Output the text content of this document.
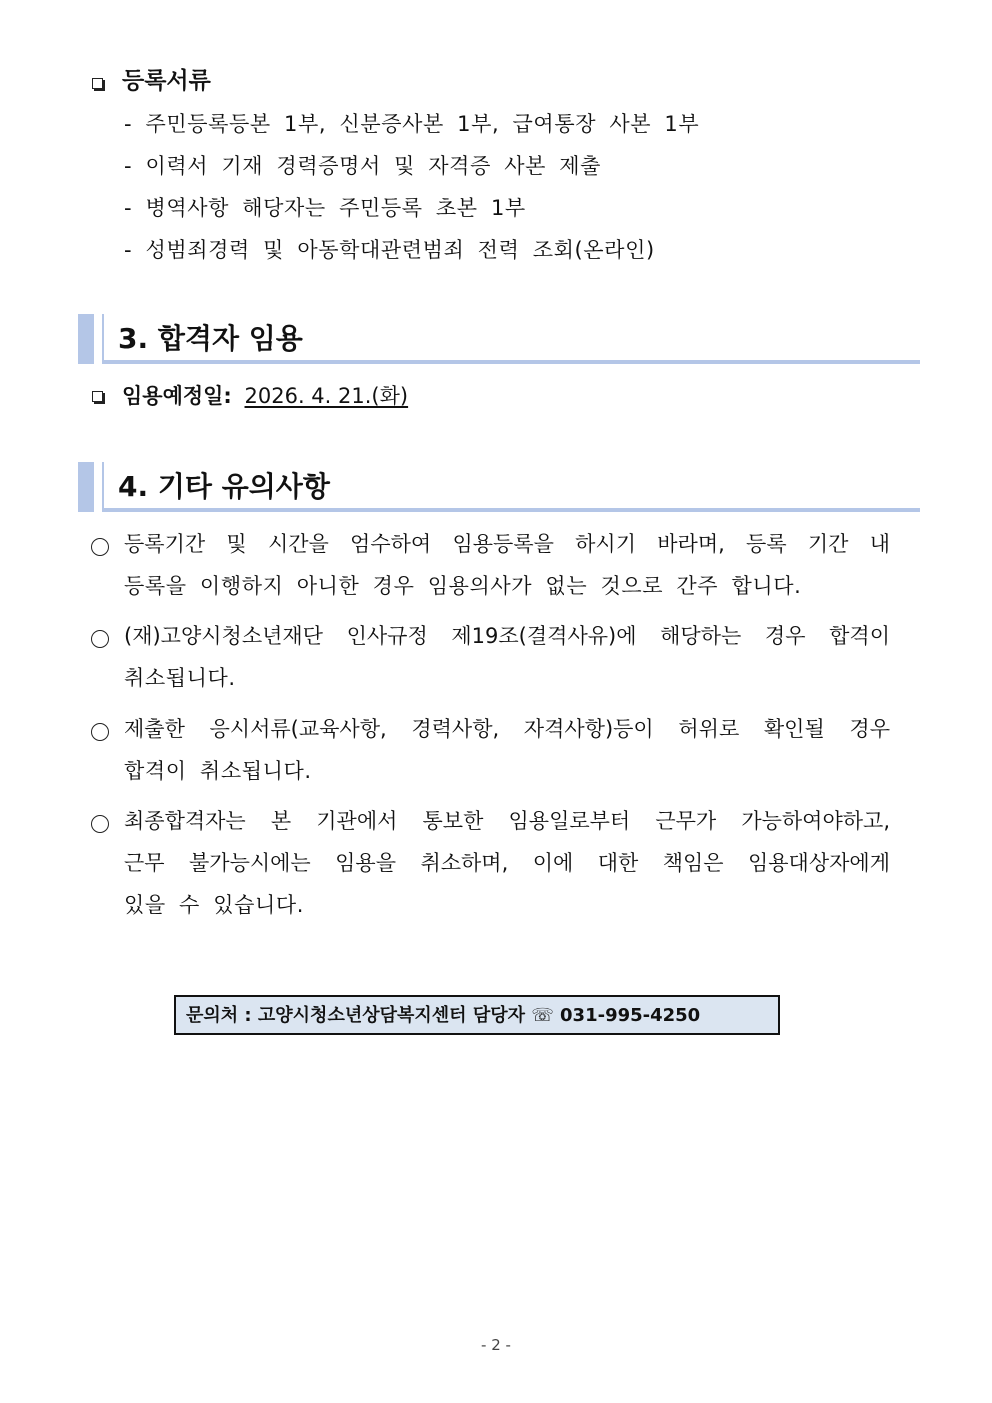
등록서류
- 주민등록등본 1부, 신분증사본 1부, 급여통장 사본 1부
- 이력서 기재 경력증명서 및 자격증 사본 제출
- 병역사항 해당자는 주민등록 초본 1부
- 성범죄경력 및 아동학대관련범죄 전력 조회(온라인)
3. 합격자 임용
임용예정일: 2026. 4. 21.(화)
4. 기타 유의사항
등록기간 및 시간을 엄수하여 임용등록을 하시기 바라며, 등록 기간 내
등록을 이행하지 아니한 경우 임용의사가 없는 것으로 간주 합니다.
(재)고양시청소년재단 인사규정 제19조(결격사유)에 해당하는 경우 합격이
취소됩니다.
제출한 응시서류(교육사항, 경력사항, 자격사항)등이 허위로 확인될 경우
합격이 취소됩니다.
최종합격자는 본 기관에서 통보한 임용일로부터 근무가 가능하여야하고,
근무 불가능시에는 임용을 취소하며, 이에 대한 책임은 임용대상자에게
있을 수 있습니다.
문의처 : 고양시청소년상담복지센터 담당자 ☏ 031-995-4250
- 2 -
